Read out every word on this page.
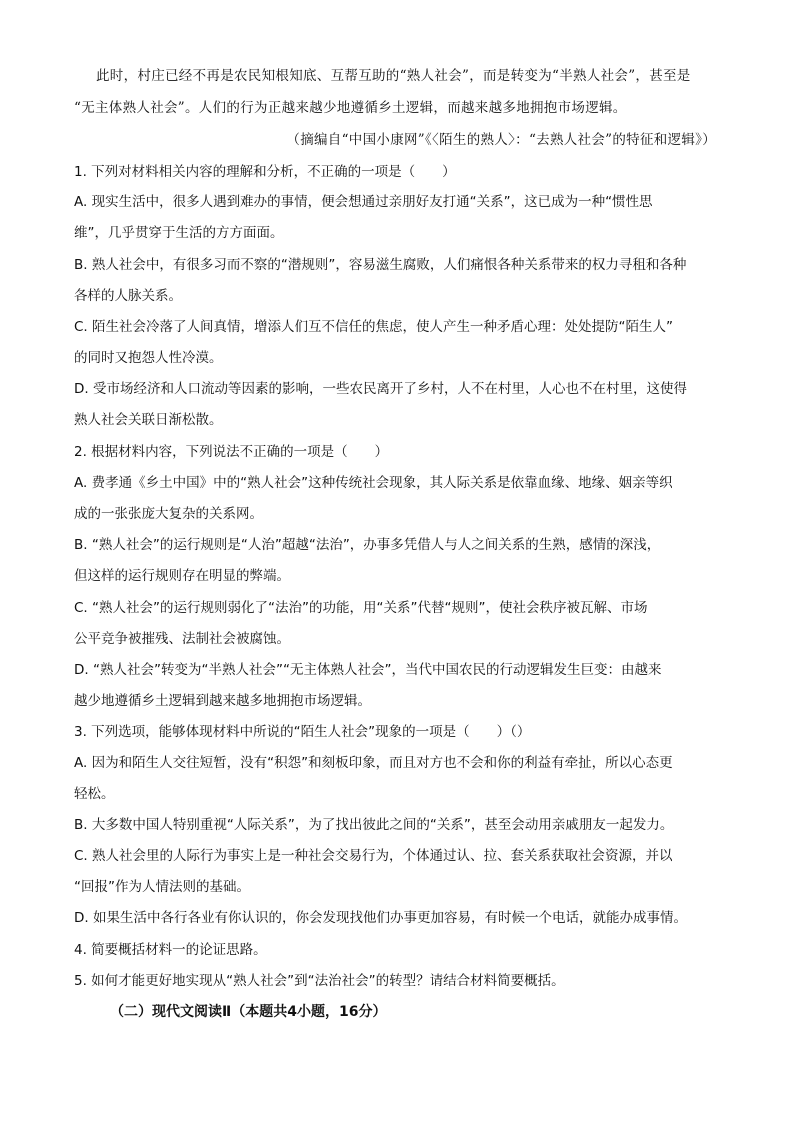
此时，村庄已经不再是农民知根知底、互帮互助的“熟人社会”，而是转变为“半熟人社会”，甚至是
“无主体熟人社会”。人们的行为正越来越少地遵循乡土逻辑，而越来越多地拥抱市场逻辑。
（摘编自“中国小康网”《〈陌生的熟人〉：“去熟人社会”的特征和逻辑》）
1. 下列对材料相关内容的理解和分析，不正确的一项是（　　）
A. 现实生活中，很多人遇到难办的事情，便会想通过亲朋好友打通“关系”，这已成为一种“惯性思
维”，几乎贯穿于生活的方方面面。
B. 熟人社会中，有很多习而不察的“潜规则”，容易滋生腐败，人们痛恨各种关系带来的权力寻租和各种
各样的人脉关系。
C. 陌生社会冷落了人间真情，增添人们互不信任的焦虑，使人产生一种矛盾心理：处处提防“陌生人”
的同时又抱怨人性冷漠。
D. 受市场经济和人口流动等因素的影响，一些农民离开了乡村，人不在村里，人心也不在村里，这使得
熟人社会关联日渐松散。
2. 根据材料内容，下列说法不正确的一项是（　　）
A. 费孝通《乡土中国》中的“熟人社会”这种传统社会现象，其人际关系是依靠血缘、地缘、姻亲等织
成的一张张庞大复杂的关系网。
B. “熟人社会”的运行规则是“人治”超越“法治”，办事多凭借人与人之间关系的生熟，感情的深浅，
但这样的运行规则存在明显的弊端。
C. “熟人社会”的运行规则弱化了“法治”的功能，用“关系”代替“规则”，使社会秩序被瓦解、市场
公平竞争被摧残、法制社会被腐蚀。
D. “熟人社会”转变为“半熟人社会”“无主体熟人社会”，当代中国农民的行动逻辑发生巨变：由越来
越少地遵循乡土逻辑到越来越多地拥抱市场逻辑。
3. 下列选项，能够体现材料中所说的“陌生人社会”现象的一项是（　　）（）
A. 因为和陌生人交往短暂，没有“积怨”和刻板印象，而且对方也不会和你的利益有牵扯，所以心态更
轻松。
B. 大多数中国人特别重视“人际关系”，为了找出彼此之间的“关系”，甚至会动用亲戚朋友一起发力。
C. 熟人社会里的人际行为事实上是一种社会交易行为，个体通过认、拉、套关系获取社会资源，并以
“回报”作为人情法则的基础。
D. 如果生活中各行各业有你认识的，你会发现找他们办事更加容易，有时候一个电话，就能办成事情。
4. 简要概括材料一的论证思路。
5. 如何才能更好地实现从“熟人社会”到“法治社会”的转型？请结合材料简要概括。
（二）现代文阅读Ⅱ（本题共4小题，16分）
